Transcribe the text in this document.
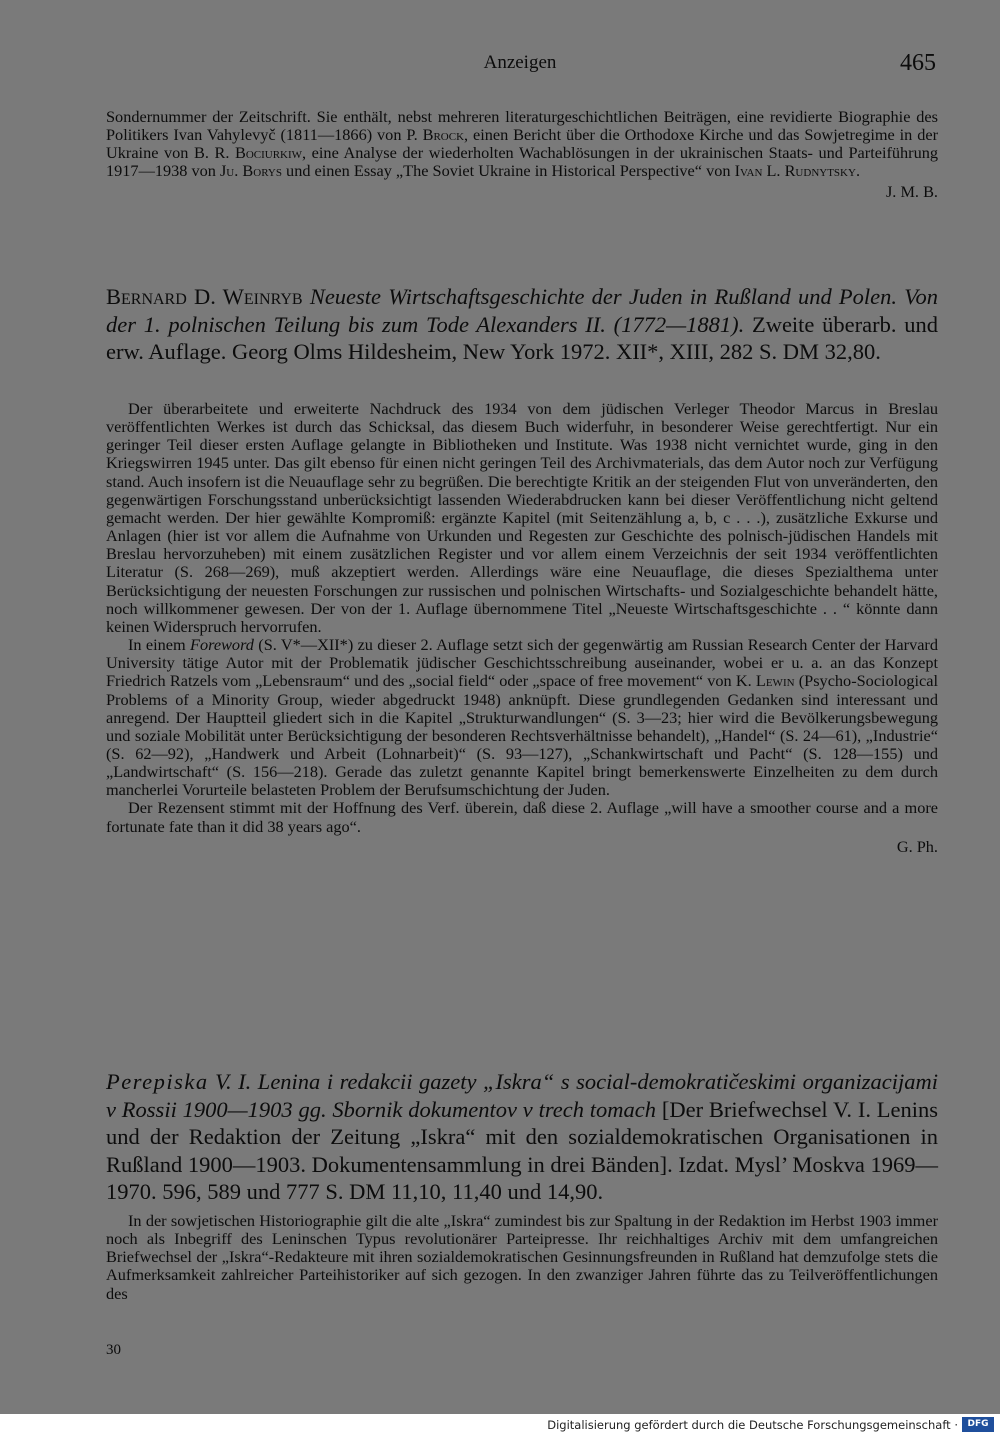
Anzeigen	465

Sondernummer der Zeitschrift. Sie enthält, nebst mehreren literaturgeschichtlichen Beiträgen, eine revidierte Biographie des Politikers Ivan Vahylevyč (1811—1866) von P. Brock, einen Bericht über die Orthodoxe Kirche und das Sowjetregime in der Ukraine von B. R. Bociurkiw, eine Analyse der wiederholten Wachablösungen in der ukrainischen Staats- und Parteiführung 1917—1938 von Ju. Borys und einen Essay „The Soviet Ukraine in Historical Perspective“ von Ivan L. Rudnytsky.

J. M. B.

Bernard D. Weinryb Neueste Wirtschaftsgeschichte der Juden in Rußland und Polen. Von der 1. polnischen Teilung bis zum Tode Alexanders II. (1772—1881). Zweite überarb. und erw. Auflage. Georg Olms Hildesheim, New York 1972. XII*, XIII, 282 S. DM 32,80.

Der überarbeitete und erweiterte Nachdruck des 1934 von dem jüdischen Verleger Theodor Marcus in Breslau veröffentlichten Werkes ist durch das Schicksal, das diesem Buch widerfuhr, in besonderer Weise gerechtfertigt. Nur ein geringer Teil dieser ersten Auflage gelangte in Bibliotheken und Institute. Was 1938 nicht vernichtet wurde, ging in den Kriegswirren 1945 unter. Das gilt ebenso für einen nicht geringen Teil des Archivmaterials, das dem Autor noch zur Verfügung stand. Auch insofern ist die Neuauflage sehr zu begrüßen. Die berechtigte Kritik an der steigenden Flut von unveränderten, den gegenwärtigen Forschungsstand unberücksichtigt lassenden Wiederabdrucken kann bei dieser Veröffentlichung nicht geltend gemacht werden. Der hier gewählte Kompromiß: ergänzte Kapitel (mit Seitenzählung a, b, c . . .), zusätzliche Exkurse und Anlagen (hier ist vor allem die Aufnahme von Urkunden und Regesten zur Geschichte des polnisch-jüdischen Handels mit Breslau hervorzuheben) mit einem zusätzlichen Register und vor allem einem Verzeichnis der seit 1934 veröffentlichten Literatur (S. 268—269), muß akzeptiert werden. Allerdings wäre eine Neuauflage, die dieses Spezialthema unter Berücksichtigung der neuesten Forschungen zur russischen und polnischen Wirtschafts- und Sozialgeschichte behandelt hätte, noch willkommener gewesen. Der von der 1. Auflage übernommene Titel „Neueste Wirtschaftsgeschichte . . “ könnte dann keinen Widerspruch hervorrufen.

In einem Foreword (S. V*—XII*) zu dieser 2. Auflage setzt sich der gegenwärtig am Russian Research Center der Harvard University tätige Autor mit der Problematik jüdischer Geschichtsschreibung auseinander, wobei er u. a. an das Konzept Friedrich Ratzels vom „Lebensraum“ und des „social field“ oder „space of free movement“ von K. Lewin (Psycho-Sociological Problems of a Minority Group, wieder abgedruckt 1948) anknüpft. Diese grundlegenden Gedanken sind interessant und anregend. Der Hauptteil gliedert sich in die Kapitel „Strukturwandlungen“ (S. 3—23; hier wird die Bevölkerungsbewegung und soziale Mobilität unter Berücksichtigung der besonderen Rechtsverhältnisse behandelt), „Handel“ (S. 24—61), „Industrie“ (S. 62—92), „Handwerk und Arbeit (Lohnarbeit)“ (S. 93—127), „Schankwirtschaft und Pacht“ (S. 128—155) und „Landwirtschaft“ (S. 156—218). Gerade das zuletzt genannte Kapitel bringt bemerkenswerte Einzelheiten zu dem durch mancherlei Vorurteile belasteten Problem der Berufsumschichtung der Juden.

Der Rezensent stimmt mit der Hoffnung des Verf. überein, daß diese 2. Auflage „will have a smoother course and a more fortunate fate than it did 38 years ago“.

G. Ph.

Perepiska V. I. Lenina i redakcii gazety „Iskra“ s social-demokratičeskimi organizacijami v Rossii 1900—1903 gg. Sbornik dokumentov v trech tomach [Der Briefwechsel V. I. Lenins und der Redaktion der Zeitung „Iskra“ mit den sozialdemokratischen Organisationen in Rußland 1900—1903. Dokumentensammlung in drei Bänden]. Izdat. Mysl’ Moskva 1969—1970. 596, 589 und 777 S. DM 11,10, 11,40 und 14,90.

In der sowjetischen Historiographie gilt die alte „Iskra“ zumindest bis zur Spaltung in der Redaktion im Herbst 1903 immer noch als Inbegriff des Leninschen Typus revolutionärer Parteipresse. Ihr reichhaltiges Archiv mit dem umfangreichen Briefwechsel der „Iskra“-Redakteure mit ihren sozialdemokratischen Gesinnungsfreunden in Rußland hat demzufolge stets die Aufmerksamkeit zahlreicher Parteihistoriker auf sich gezogen. In den zwanziger Jahren führte das zu Teilveröffentlichungen des

30
Digitalisierung gefördert durch die Deutsche Forschungsgemeinschaft ·	DFG
